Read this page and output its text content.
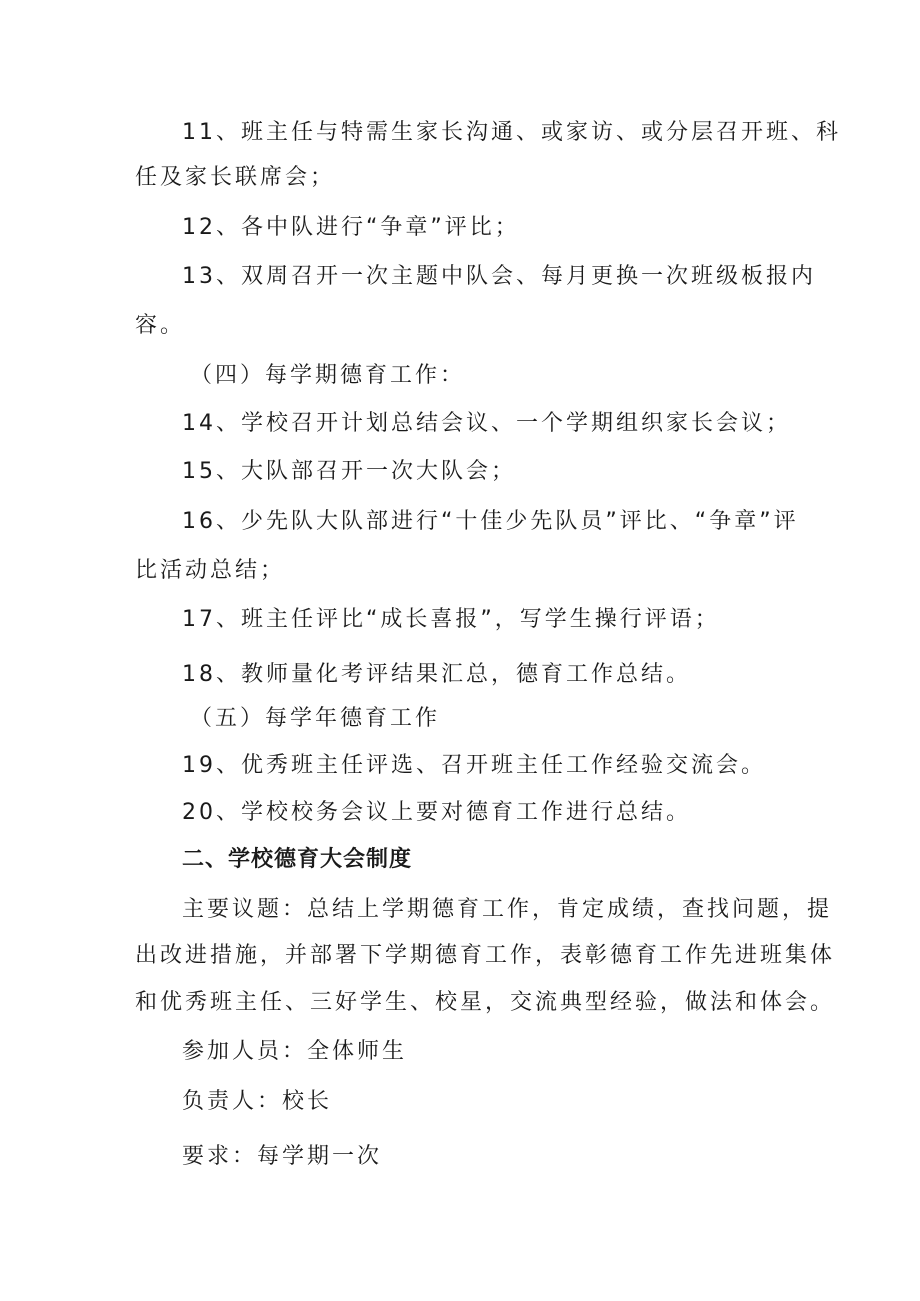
11、班主任与特需生家长沟通、或家访、或分层召开班、科
任及家长联席会；
12、各中队进行“争章”评比；
13、双周召开一次主题中队会、每月更换一次班级板报内
容。
（四）每学期德育工作：
14、学校召开计划总结会议、一个学期组织家长会议；
15、大队部召开一次大队会；
16、少先队大队部进行“十佳少先队员”评比、“争章”评
比活动总结；
17、班主任评比“成长喜报”，写学生操行评语；
18、教师量化考评结果汇总，德育工作总结。
（五）每学年德育工作
19、优秀班主任评选、召开班主任工作经验交流会。
20、学校校务会议上要对德育工作进行总结。
二、学校德育大会制度
主要议题：总结上学期德育工作，肯定成绩，查找问题，提
出改进措施，并部署下学期德育工作，表彰德育工作先进班集体
和优秀班主任、三好学生、校星，交流典型经验，做法和体会。
参加人员：全体师生
负责人：校长
要求：每学期一次
